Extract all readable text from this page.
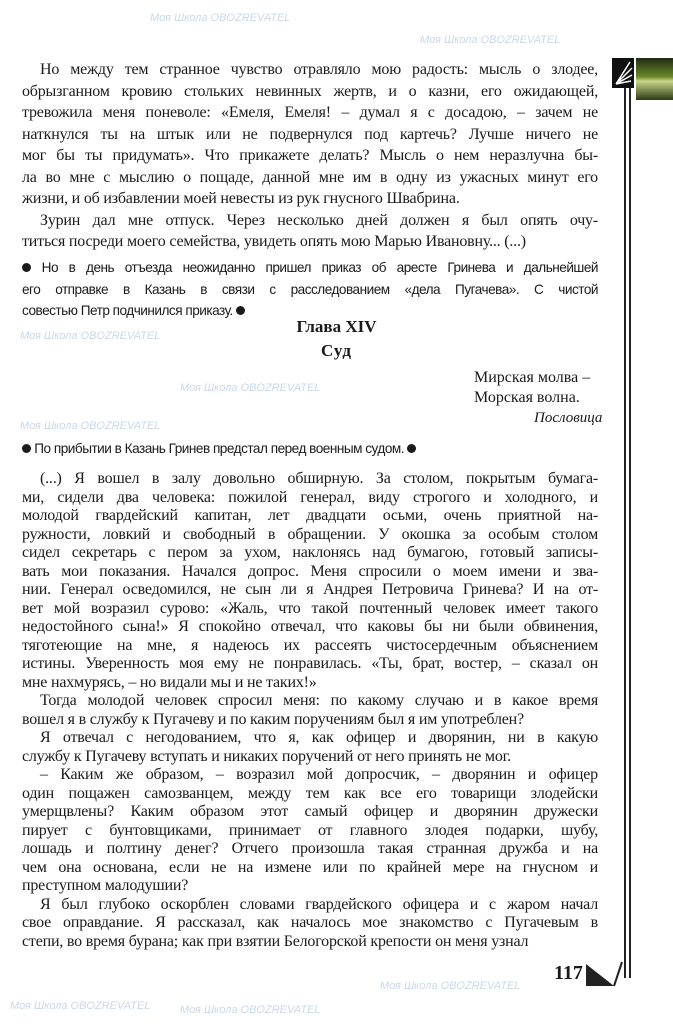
Глава XIV
Суд
Мирская молва –
Морская волна.
Пословица
117
Моя Школа OBOZREVATEL
Моя Школа OBOZREVATEL
Моя Школа OBOZREVATEL
Моя Школа OBOZREVATEL
Моя Школа OBOZREVATEL
Моя Школа OBOZREVATEL
Моя Школа OBOZREVATEL
Моя Школа OBOZREVATEL
Но между тем странное чувство отравляло мою радость: мысль о злодее,
обрызганном кровию стольких невинных жертв, и о казни, его ожидающей,
тревожила меня поневоле: «Емеля, Емеля! – думал я с досадою, – зачем не
наткнулся ты на штык или не подвернулся под картечь? Лучше ничего не
мог бы ты придумать». Что прикажете делать? Мысль о нем неразлучна бы-
ла во мне с мыслию о пощаде, данной мне им в одну из ужасных минут его
жизни, и об избавлении моей невесты из рук гнусного Швабрина.
Зурин дал мне отпуск. Через несколько дней должен я был опять очу-
титься посреди моего семейства, увидеть опять мою Марью Ивановну... (...)
Но в день отъезда неожиданно пришел приказ об аресте Гринева и дальнейшей
его отправке в Казань в связи с расследованием «дела Пугачева». С чистой
совестью Петр подчинился приказу.
По прибытии в Казань Гринев предстал перед военным судом.
(...) Я вошел в залу довольно обширную. За столом, покрытым бумага-
ми, сидели два человека: пожилой генерал, виду строгого и холодного, и
молодой гвардейский капитан, лет двадцати осьми, очень приятной на-
ружности, ловкий и свободный в обращении. У окошка за особым столом
сидел секретарь с пером за ухом, наклонясь над бумагою, готовый записы-
вать мои показания. Начался допрос. Меня спросили о моем имени и зва-
нии. Генерал осведомился, не сын ли я Андрея Петровича Гринева? И на от-
вет мой возразил сурово: «Жаль, что такой почтенный человек имеет такого
недостойного сына!» Я спокойно отвечал, что каковы бы ни были обвинения,
тяготеющие на мне, я надеюсь их рассеять чистосердечным объяснением
истины. Уверенность моя ему не понравилась. «Ты, брат, востер, – сказал он
мне нахмурясь, – но видали мы и не таких!»
Тогда молодой человек спросил меня: по какому случаю и в какое время
вошел я в службу к Пугачеву и по каким поручениям был я им употреблен?
Я отвечал с негодованием, что я, как офицер и дворянин, ни в какую
службу к Пугачеву вступать и никаких поручений от него принять не мог.
– Каким же образом, – возразил мой допросчик, – дворянин и офицер
один пощажен самозванцем, между тем как все его товарищи злодейски
умерщвлены? Каким образом этот самый офицер и дворянин дружески
пирует с бунтовщиками, принимает от главного злодея подарки, шубу,
лошадь и полтину денег? Отчего произошла такая странная дружба и на
чем она основана, если не на измене или по крайней мере на гнусном и
преступном малодушии?
Я был глубоко оскорблен словами гвардейского офицера и с жаром начал
свое оправдание. Я рассказал, как началось мое знакомство с Пугачевым в
степи, во время бурана; как при взятии Белогорской крепости он меня узнал
